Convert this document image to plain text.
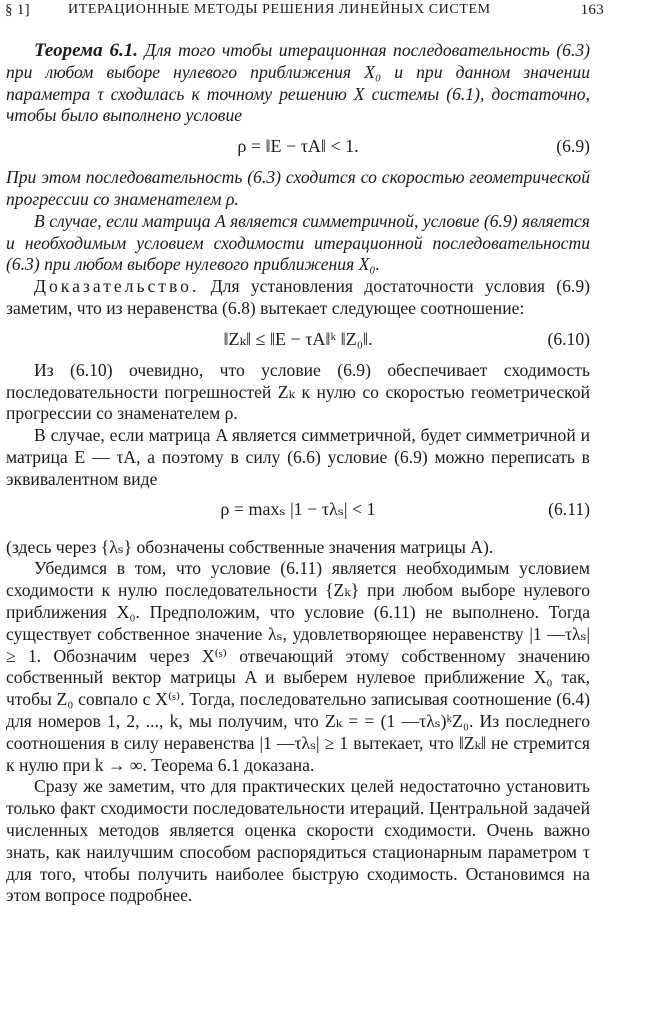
§ 1]	ИТЕРАЦИОННЫЕ МЕТОДЫ РЕШЕНИЯ ЛИНЕЙНЫХ СИСТЕМ	163

Теорема 6.1. Для того чтобы итерационная последовательность (6.3) при любом выборе нулевого приближения X₀ и при данном значении параметра τ сходилась к точному решению X системы (6.1), достаточно, чтобы было выполнено условие

ρ = ‖E − τA‖ < 1.	(6.9)

При этом последовательность (6.3) сходится со скоростью геометрической прогрессии со знаменателем ρ.

В случае, если матрица A является симметричной, условие (6.9) является и необходимым условием сходимости итерационной последовательности (6.3) при любом выборе нулевого приближения X₀.

Доказательство. Для установления достаточности условия (6.9) заметим, что из неравенства (6.8) вытекает следующее соотношение:

‖Zₖ‖ ≤ ‖E − τA‖ᵏ ‖Z₀‖.	(6.10)

Из (6.10) очевидно, что условие (6.9) обеспечивает сходимость последовательности погрешностей Zₖ к нулю со скоростью геометрической прогрессии со знаменателем ρ.

В случае, если матрица A является симметричной, будет симметричной и матрица E — τA, а поэтому в силу (6.6) условие (6.9) можно переписать в эквивалентном виде

ρ = maxₛ |1 − τλₛ| < 1	(6.11)

(здесь через {λₛ} обозначены собственные значения матрицы A).

Убедимся в том, что условие (6.11) является необходимым условием сходимости к нулю последовательности {Zₖ} при любом выборе нулевого приближения X₀. Предположим, что условие (6.11) не выполнено. Тогда существует собственное значение λₛ, удовлетворяющее неравенству |1 —τλₛ| ≥ 1. Обозначим через X⁽ˢ⁾ отвечающий этому собственному значению собственный вектор матрицы A и выберем нулевое приближение X₀ так, чтобы Z₀ совпало с X⁽ˢ⁾. Тогда, последовательно записывая соотношение (6.4) для номеров 1, 2, ..., k, мы получим, что Zₖ = = (1 —τλₛ)ᵏZ₀. Из последнего соотношения в силу неравенства |1 —τλₛ| ≥ 1 вытекает, что ‖Zₖ‖ не стремится к нулю при k → ∞. Теорема 6.1 доказана.

Сразу же заметим, что для практических целей недостаточно установить только факт сходимости последовательности итераций. Центральной задачей численных методов является оценка скорости сходимости. Очень важно знать, как наилучшим способом распорядиться стационарным параметром τ для того, чтобы получить наиболее быструю сходимость. Остановимся на этом вопросе подробнее.
